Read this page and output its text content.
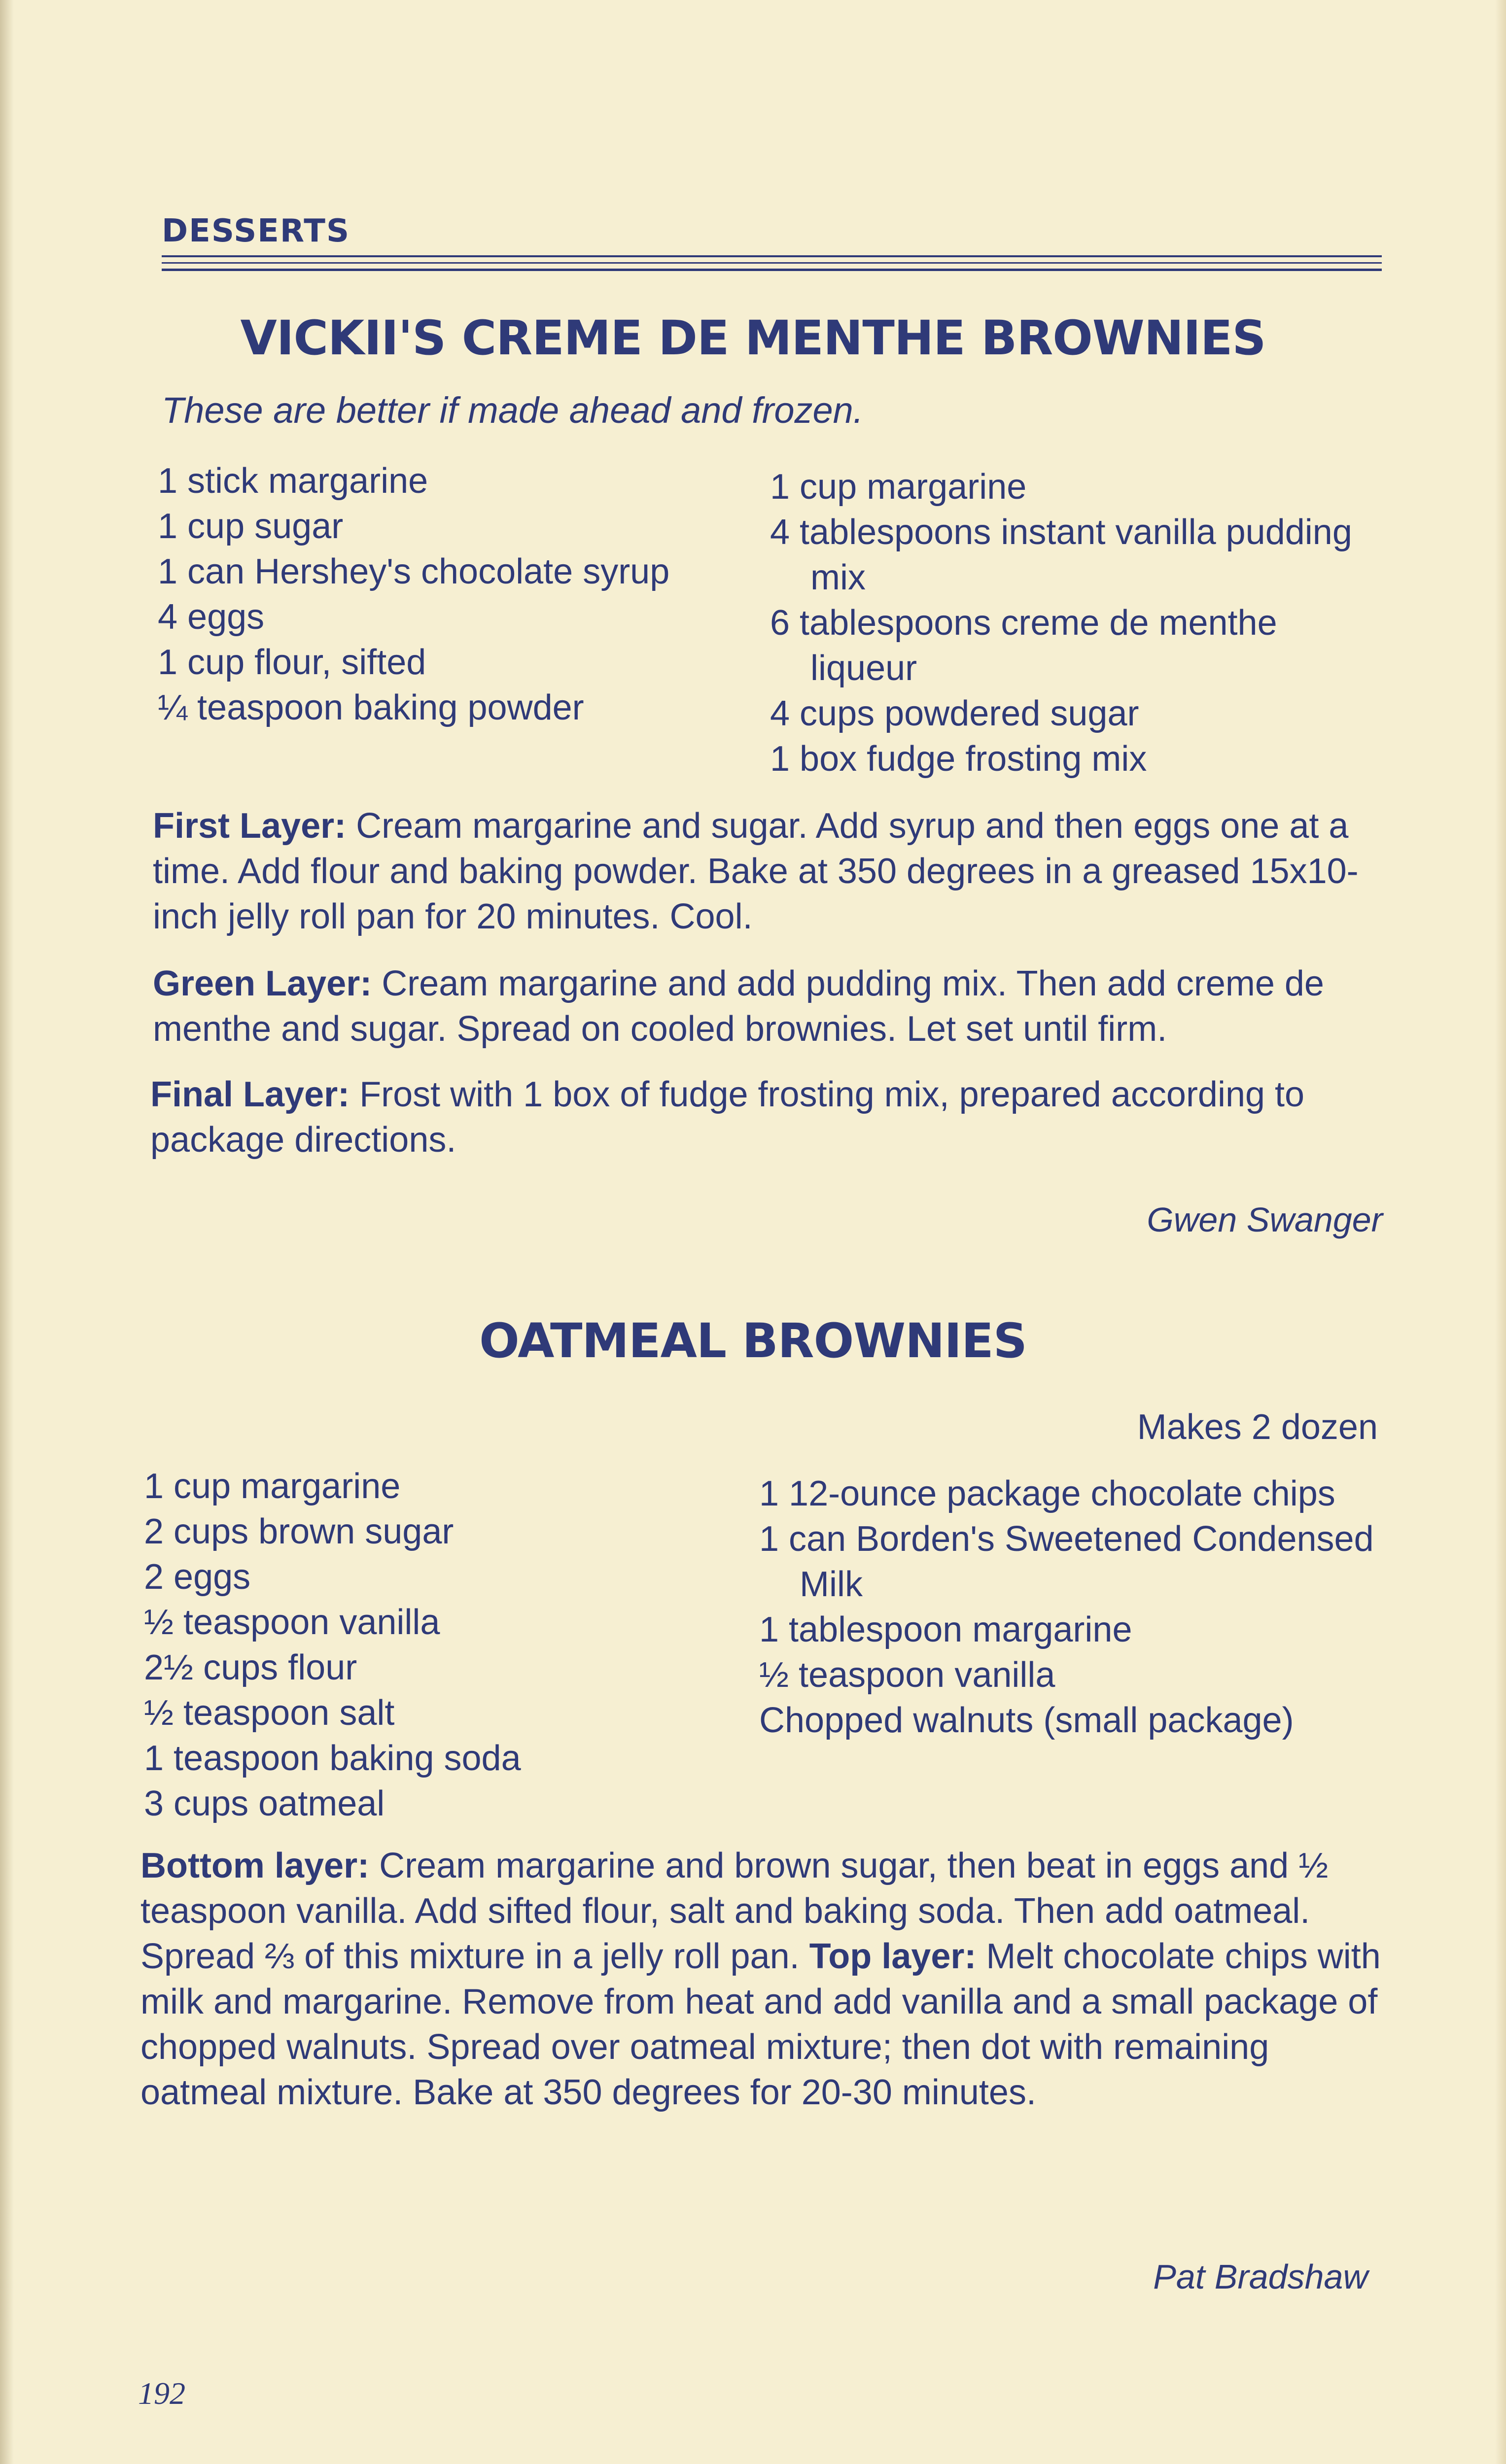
DESSERTS
VICKII'S CREME DE MENTHE BROWNIES
These are better if made ahead and frozen.
1 stick margarine
1 cup sugar
1 can Hershey's chocolate syrup
4 eggs
1 cup flour, sifted
¼ teaspoon baking powder
1 cup margarine
4 tablespoons instant vanilla pudding mix
6 tablespoons creme de menthe liqueur
4 cups powdered sugar
1 box fudge frosting mix

First Layer: Cream margarine and sugar. Add syrup and then eggs one at a time. Add flour and baking powder. Bake at 350 degrees in a greased 15x10-inch jelly roll pan for 20 minutes. Cool.

Green Layer: Cream margarine and add pudding mix. Then add creme de menthe and sugar. Spread on cooled brownies. Let set until firm.

Final Layer: Frost with 1 box of fudge frosting mix, prepared according to package directions.

Gwen Swanger
OATMEAL BROWNIES
Makes 2 dozen
1 cup margarine
2 cups brown sugar
2 eggs
½ teaspoon vanilla
2½ cups flour
½ teaspoon salt
1 teaspoon baking soda
3 cups oatmeal
1 12-ounce package chocolate chips
1 can Borden's Sweetened Condensed Milk
1 tablespoon margarine
½ teaspoon vanilla
Chopped walnuts (small package)

Bottom layer: Cream margarine and brown sugar, then beat in eggs and ½ teaspoon vanilla. Add sifted flour, salt and baking soda. Then add oatmeal. Spread ⅔ of this mixture in a jelly roll pan. Top layer: Melt chocolate chips with milk and margarine. Remove from heat and add vanilla and a small package of chopped walnuts. Spread over oatmeal mixture; then dot with remaining oatmeal mixture. Bake at 350 degrees for 20-30 minutes.

Pat Bradshaw
192
